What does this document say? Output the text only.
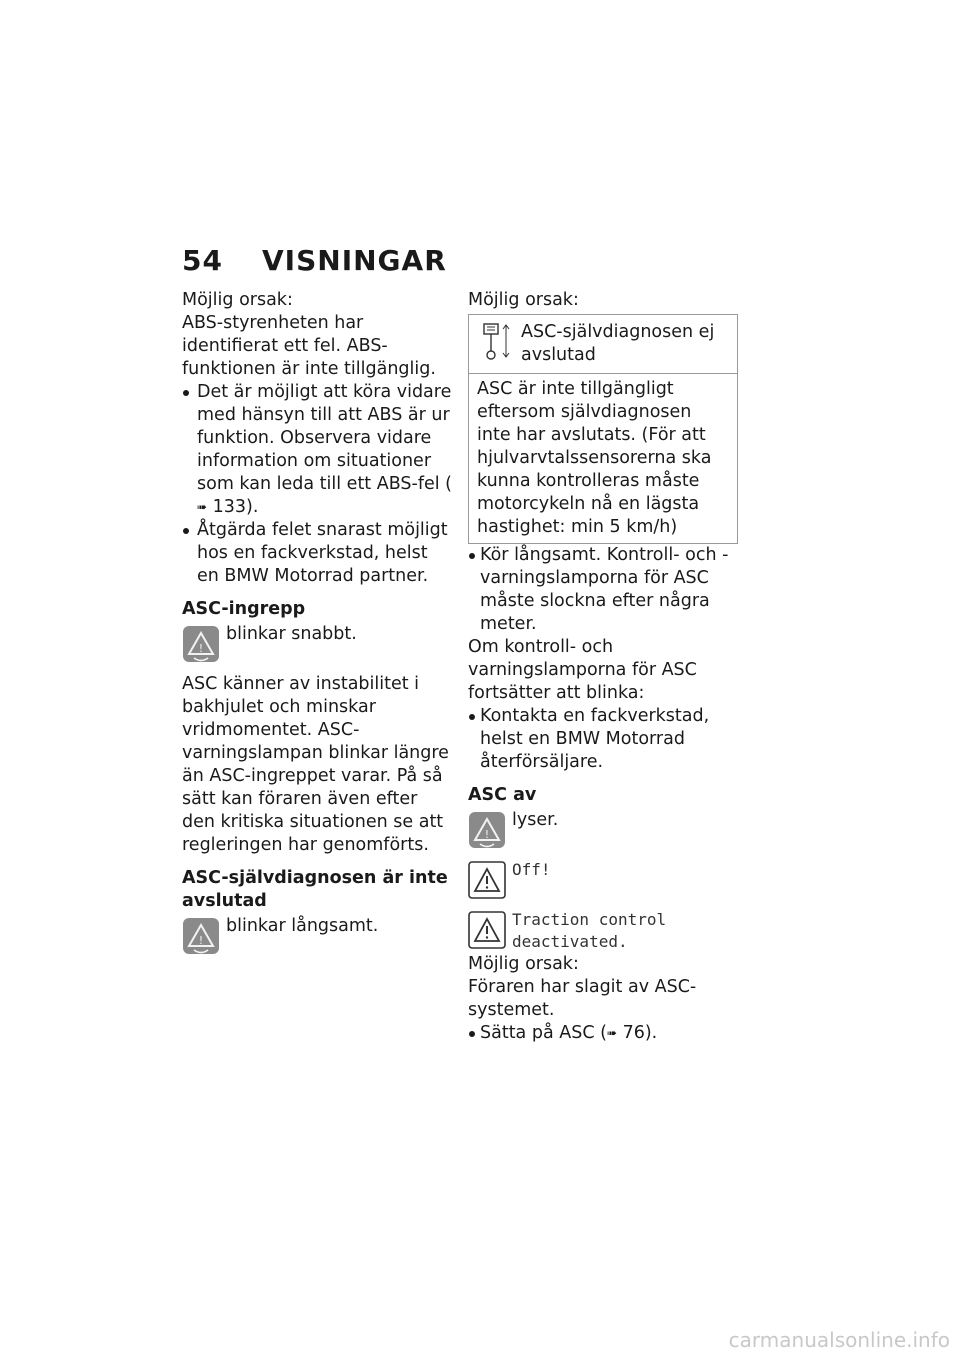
54	VISNINGAR

Möjlig orsak:

ABS-styrenheten har identifierat ett fel. ABS-funktionen är inte tillgänglig.

Det är möjligt att köra vidare med hänsyn till att ABS är ur funktion. Observera vidare information om situationer som kan leda till ett ABS-fel (➠ 133).
Åtgärda felet snarast möjligt hos en fackverkstad, helst en BMW Motorrad partner.

ASC-ingrepp

!
blinkar snabbt.

ASC känner av instabilitet i bakhjulet och minskar vridmomentet. ASC-varningslampan blinkar längre än ASC-ingreppet varar. På så sätt kan föraren även efter den kritiska situationen se att regleringen har genomförts.

ASC-självdiagnosen är inte avslutad

!
blinkar långsamt.

Möjlig orsak:

ASC-självdiagnosen ej avslutad
ASC är inte tillgängligt eftersom självdiagnosen inte har avslutats. (För att hjulvarvtalssensorerna ska kunna kontrolleras måste motorcykeln nå en lägsta hastighet: min 5 km/h)
Kör långsamt. Kontroll- och -varningslamporna för ASC måste slockna efter några meter.

Om kontroll- och varningslamporna för ASC fortsätter att blinka:

Kontakta en fackverkstad, helst en BMW Motorrad återförsäljare.

ASC av

!
lyser.
Off!
Traction control deactivated.

Möjlig orsak:

Föraren har slagit av ASC-systemet.

Sätta på ASC (➠ 76).
carmanualsonline.info
